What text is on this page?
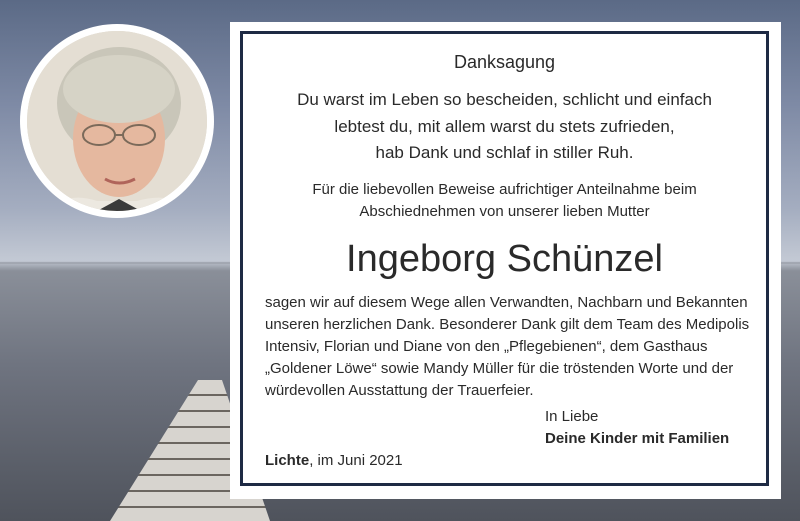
Danksagung
Du warst im Leben so bescheiden, schlicht und einfach
lebtest du, mit allem warst du stets zufrieden,
hab Dank und schlaf in stiller Ruh.
Für die liebevollen Beweise aufrichtiger Anteilnahme beim
Abschiednehmen von unserer lieben Mutter
Ingeborg Schünzel
sagen wir auf diesem Wege allen Verwandten, Nachbarn und Bekannten
unseren herzlichen Dank. Besonderer Dank gilt dem Team des Medipolis
Intensiv, Florian und Diane von den „Pflegebienen“, dem Gasthaus
„Goldener Löwe“ sowie Mandy Müller für die tröstenden Worte und der
würdevollen Ausstattung der Trauerfeier.
In Liebe
Deine Kinder mit Familien
Lichte, im Juni 2021
